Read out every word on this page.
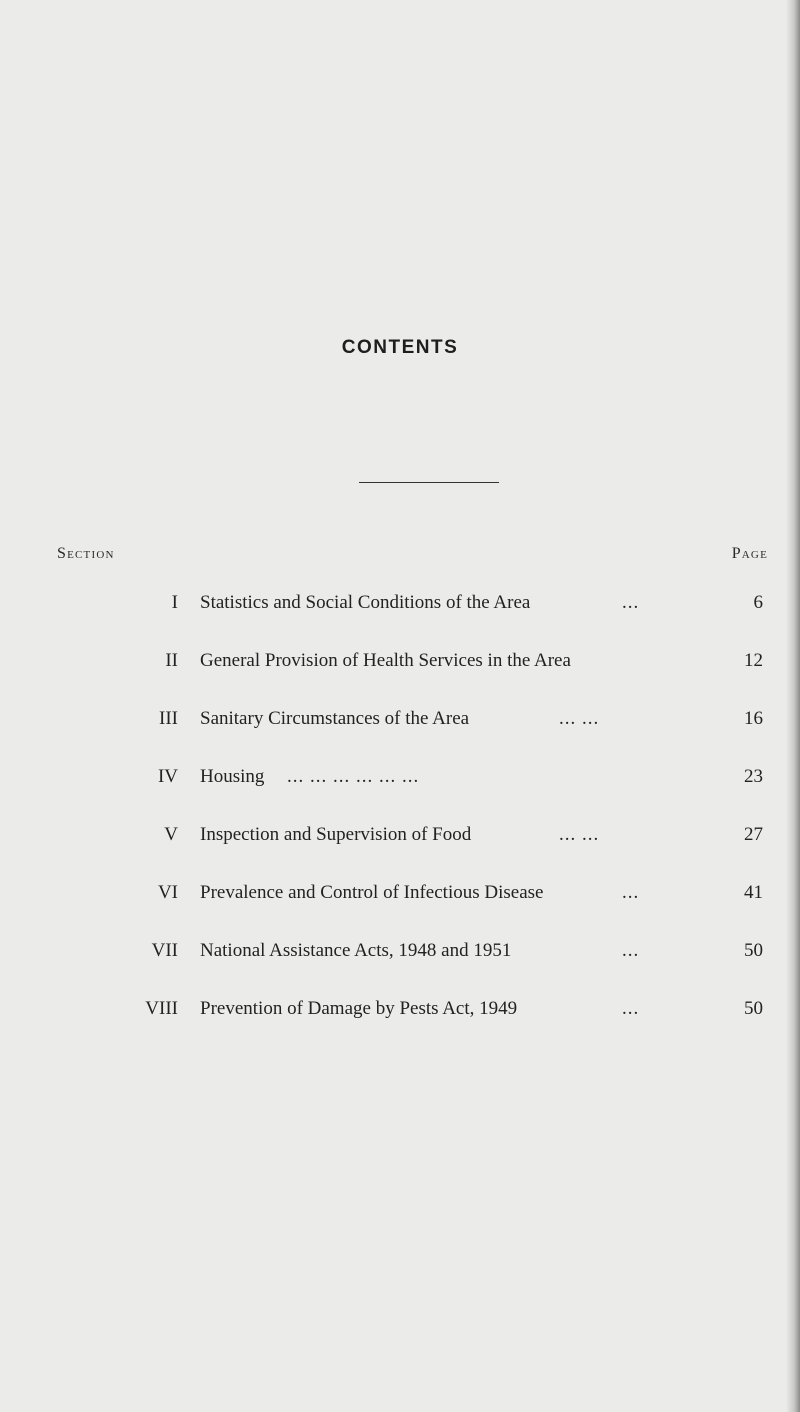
CONTENTS
Section	Page
I Statistics and Social Conditions of the Area	...	6
II General Provision of Health Services in the Area	12
III Sanitary Circumstances of the Area	... ...	16
IV Housing ... ... ... ... ... ...	23
V Inspection and Supervision of Food	... ...	27
VI Prevalence and Control of Infectious Disease	...	41
VII National Assistance Acts, 1948 and 1951	...	50
VIII Prevention of Damage by Pests Act, 1949	...	50
